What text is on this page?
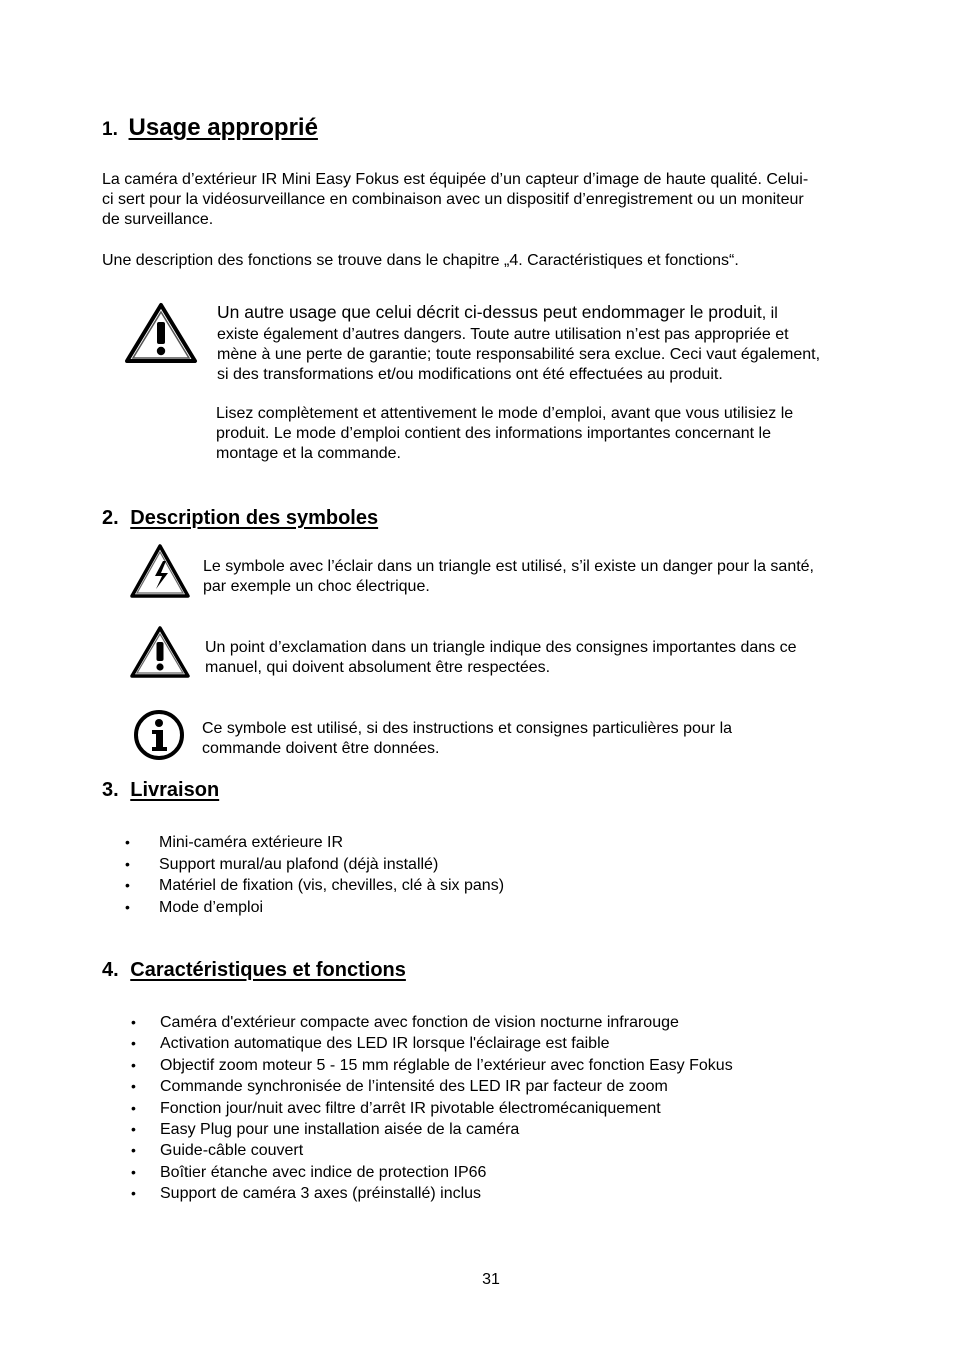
1. Usage approprié

La caméra d’extérieur IR Mini Easy Fokus est équipée d’un capteur d’image de haute qualité. Celui-

ci sert pour la vidéosurveillance en combinaison avec un dispositif d’enregistrement ou un moniteur

de surveillance.

Une description des fonctions se trouve dans le chapitre „4. Caractéristiques et fonctions“.

Un autre usage que celui décrit ci-dessus peut endommager le produit, il

existe également d’autres dangers. Toute autre utilisation n’est pas appropriée et

mène à une perte de garantie; toute responsabilité sera exclue. Ceci vaut également,

si des transformations et/ou modifications ont été effectuées au produit.

Lisez complètement et attentivement le mode d’emploi, avant que vous utilisiez le

produit. Le mode d’emploi contient des informations importantes concernant le

montage et la commande.

2. Description des symboles

Le symbole avec l’éclair dans un triangle est utilisé, s’il existe un danger pour la santé,

par exemple un choc électrique.

Un point d’exclamation dans un triangle indique des consignes importantes dans ce

manuel, qui doivent absolument être respectées.

Ce symbole est utilisé, si des instructions et consignes particulières pour la

commande doivent être données.

3. Livraison
• Mini-caméra extérieure IR
• Support mural/au plafond (déjà installé)
• Matériel de fixation (vis, chevilles, clé à six pans)
• Mode d’emploi
4. Caractéristiques et fonctions
• Caméra d'extérieur compacte avec fonction de vision nocturne infrarouge
• Activation automatique des LED IR lorsque l'éclairage est faible
• Objectif zoom moteur 5 - 15 mm réglable de l’extérieur avec fonction Easy Fokus
• Commande synchronisée de l’intensité des LED IR par facteur de zoom
• Fonction jour/nuit avec filtre d’arrêt IR pivotable électromécaniquement
• Easy Plug pour une installation aisée de la caméra
• Guide-câble couvert
• Boîtier étanche avec indice de protection IP66
• Support de caméra 3 axes (préinstallé) inclus
31
